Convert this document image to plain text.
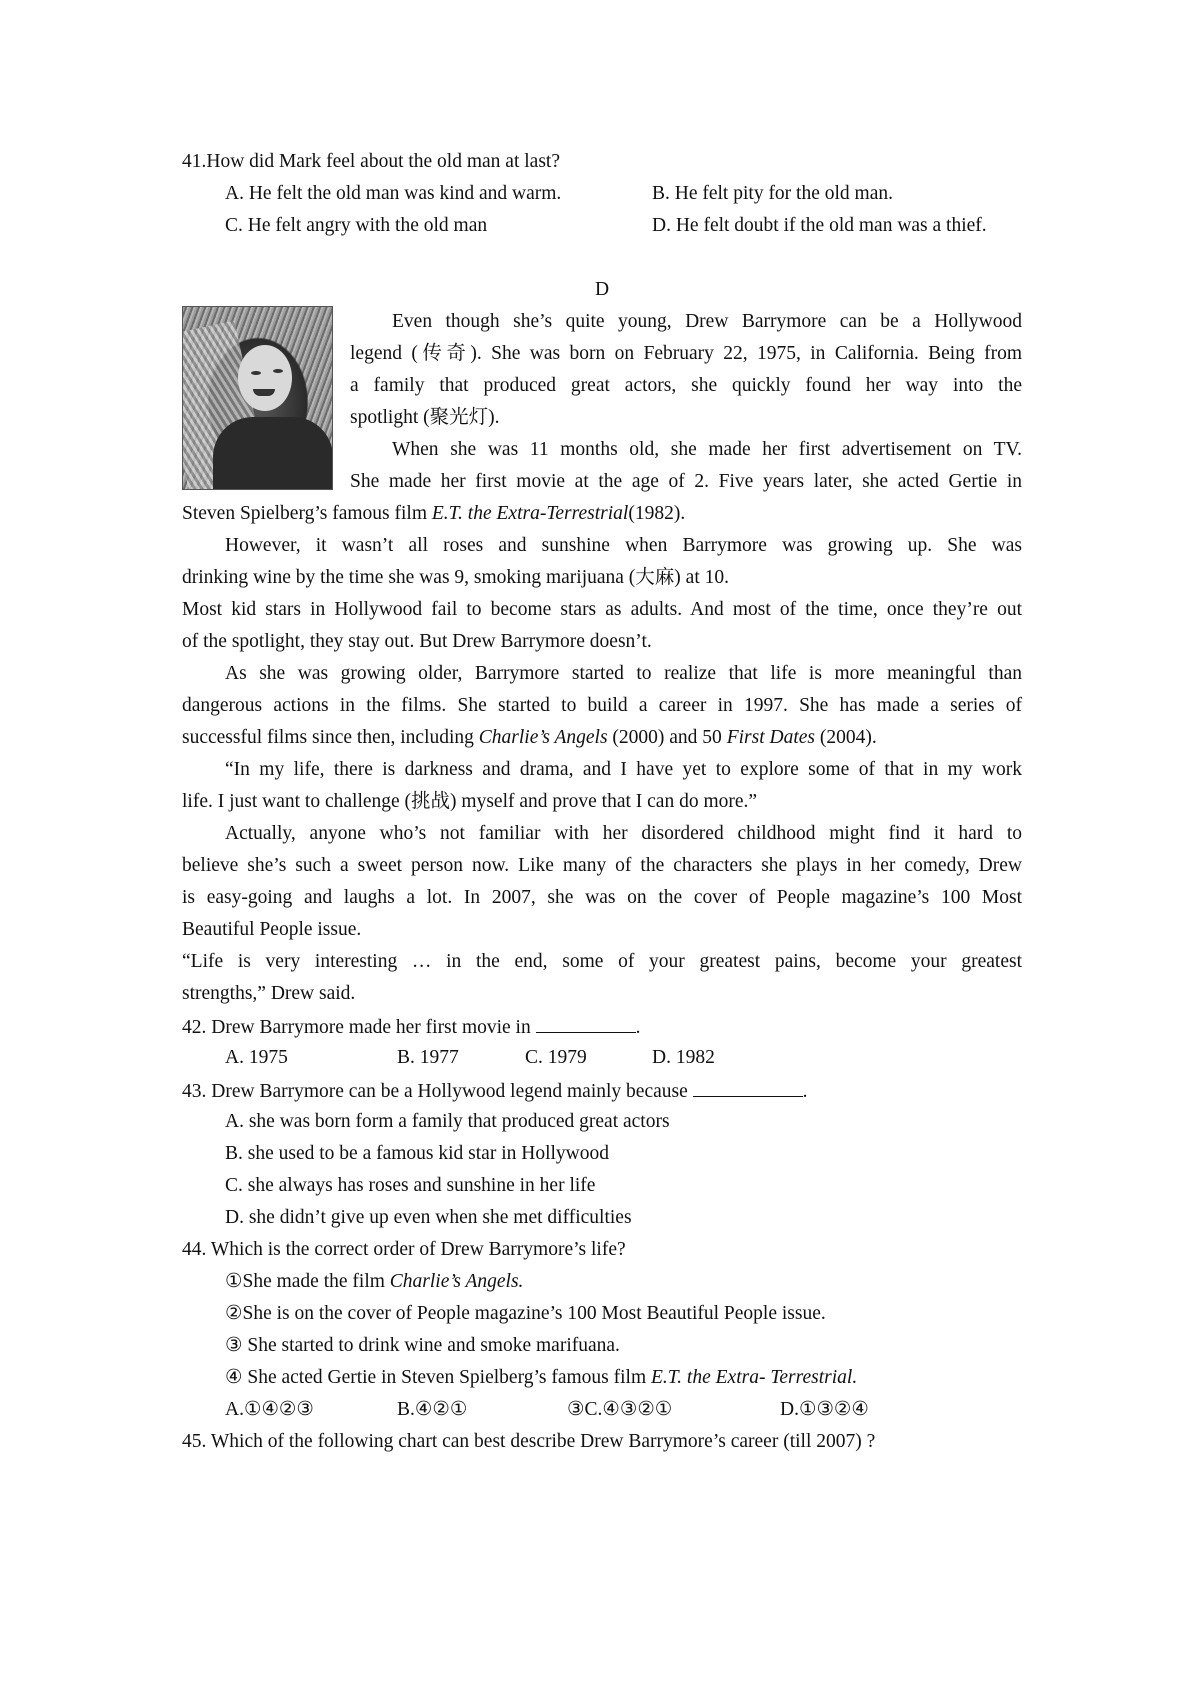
41.How did Mark feel about the old man at last?
A. He felt the old man was kind and warm.	B. He felt pity for the old man.
C. He felt angry with the old man	D. He felt doubt if the old man was a thief.
D
Even though she’s quite young, Drew Barrymore can be a Hollywood
legend (传奇). She was born on February 22, 1975, in California. Being from
a family that produced great actors, she quickly found her way into the
spotlight (聚光灯).
When she was 11 months old, she made her first advertisement on TV.
She made her first movie at the age of 2. Five years later, she acted Gertie in
Steven Spielberg’s famous film E.T. the Extra-Terrestrial(1982).
However, it wasn’t all roses and sunshine when Barrymore was growing up. She was
drinking wine by the time she was 9, smoking marijuana (大麻) at 10.
Most kid stars in Hollywood fail to become stars as adults. And most of the time, once they’re out
of the spotlight, they stay out. But Drew Barrymore doesn’t.
As she was growing older, Barrymore started to realize that life is more meaningful than
dangerous actions in the films. She started to build a career in 1997. She has made a series of
successful films since then, including Charlie’s Angels (2000) and 50 First Dates (2004).
“In my life, there is darkness and drama, and I have yet to explore some of that in my work
life. I just want to challenge (挑战) myself and prove that I can do more.”
Actually, anyone who’s not familiar with her disordered childhood might find it hard to
believe she’s such a sweet person now. Like many of the characters she plays in her comedy, Drew
is easy-going and laughs a lot. In 2007, she was on the cover of People magazine’s 100 Most
Beautiful People issue.
“Life is very interesting … in the end, some of your greatest pains, become your greatest
strengths,” Drew said.
42. Drew Barrymore made her first movie in	.
A. 1975	B. 1977	C. 1979	D. 1982
43. Drew Barrymore can be a Hollywood legend mainly because	.
A. she was born form a family that produced great actors
B. she used to be a famous kid star in Hollywood
C. she always has roses and sunshine in her life
D. she didn’t give up even when she met difficulties
44. Which is the correct order of Drew Barrymore’s life?
①She made the film Charlie’s Angels.
②She is on the cover of People magazine’s 100 Most Beautiful People issue.
③ She started to drink wine and smoke marifuana.
④ She acted Gertie in Steven Spielberg’s famous film E.T. the Extra- Terrestrial.
A.①④②③	B.④②①	③C.④③②①	D.①③②④
45. Which of the following chart can best describe Drew Barrymore’s career (till 2007) ?
